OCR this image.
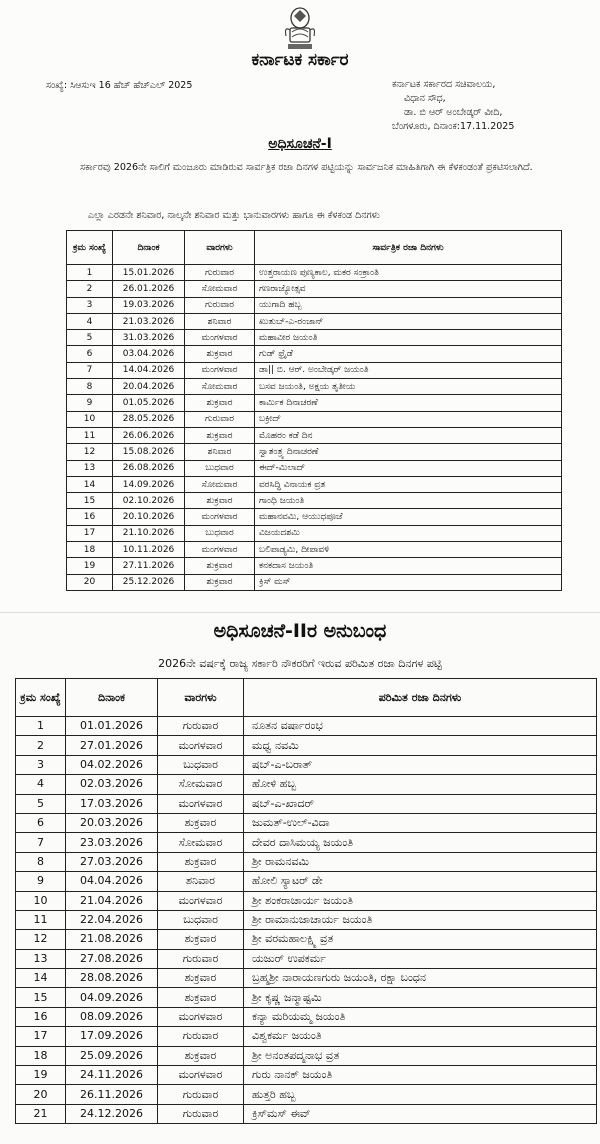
ಕರ್ನಾಟಕ ಸರ್ಕಾರ
ಸಂಖ್ಯೆ: ಸಿಆಸುಇ 16 ಹೆಚ್ ಹೆಚ್ಎಲ್ 2025	ಕರ್ನಾಟಕ ಸರ್ಕಾರದ ಸಚಿವಾಲಯ,
ವಿಧಾನ ಸೌಧ,
ಡಾ. ಬಿ ಆರ್ ಅಂಬೇಡ್ಕರ್ ವೀದಿ,
ಬೆಂಗಳೂರು, ದಿನಾಂಕ:17.11.2025
ಅಧಿಸೂಚನೆ-I
ಸರ್ಕಾರವು 2026ನೇ ಸಾಲಿಗೆ ಮಂಜೂರು ಮಾಡಿರುವ ಸಾರ್ವತ್ರಿಕ ರಜಾ ದಿನಗಳ ಪಟ್ಟಿಯನ್ನು ಸಾರ್ವಜನಿಕ ಮಾಹಿತಿಗಾಗಿ ಈ ಕೆಳಕಂಡಂತೆ ಪ್ರಕಟಿಸಲಾಗಿದೆ.
ಎಲ್ಲಾ ಎರಡನೇ ಶನಿವಾರ, ನಾಲ್ಕನೇ ಶನಿವಾರ ಮತ್ತು ಭಾನುವಾರಗಳು ಹಾಗೂ ಈ ಕೆಳಕಂಡ ದಿನಗಳು
ಕ್ರಮ ಸಂಖ್ಯೆ	ದಿನಾಂಕ	ವಾರಗಳು	ಸಾರ್ವತ್ರಿಕ ರಜಾ ದಿನಗಳು
1	15.01.2026	ಗುರುವಾರ	ಉತ್ತರಾಯಣ ಪುಣ್ಯಕಾಲ, ಮಕರ ಸಂಕ್ರಾಂತಿ
2	26.01.2026	ಸೋಮವಾರ	ಗಣರಾಜ್ಯೋತ್ಸವ
3	19.03.2026	ಗುರುವಾರ	ಯುಗಾದಿ ಹಬ್ಬ
4	21.03.2026	ಶನಿವಾರ	ಖುತುಬ್-ಎ-ರಂಜಾನ್
5	31.03.2026	ಮಂಗಳವಾರ	ಮಹಾವೀರ ಜಯಂತಿ
6	03.04.2026	ಶುಕ್ರವಾರ	ಗುಡ್ ಫ್ರೈಡೆ
7	14.04.2026	ಮಂಗಳವಾರ	ಡಾ|| ಬಿ. ಆರ್. ಅಂಬೇಡ್ಕರ್ ಜಯಂತಿ
8	20.04.2026	ಸೋಮವಾರ	ಬಸವ ಜಯಂತಿ, ಅಕ್ಷಯ ತೃತೀಯ
9	01.05.2026	ಶುಕ್ರವಾರ	ಕಾರ್ಮಿಕ ದಿನಾಚರಣೆ
10	28.05.2026	ಗುರುವಾರ	ಬಕ್ರೀದ್
11	26.06.2026	ಶುಕ್ರವಾರ	ಮೊಹರಂ ಕಡೆ ದಿನ
12	15.08.2026	ಶನಿವಾರ	ಸ್ವಾತಂತ್ರ್ಯ ದಿನಾಚರಣೆ
13	26.08.2026	ಬುಧವಾರ	ಈದ್-ಮಿಲಾದ್
14	14.09.2026	ಸೋಮವಾರ	ವರಸಿದ್ಧಿ ವಿನಾಯಕ ವ್ರತ
15	02.10.2026	ಶುಕ್ರವಾರ	ಗಾಂಧಿ ಜಯಂತಿ
16	20.10.2026	ಮಂಗಳವಾರ	ಮಹಾನವಮಿ, ಆಯುಧಪೂಜೆ
17	21.10.2026	ಬುಧವಾರ	ವಿಜಯದಶಮಿ
18	10.11.2026	ಮಂಗಳವಾರ	ಬಲಿಪಾಡ್ಯಮಿ, ದೀಪಾವಳಿ
19	27.11.2026	ಶುಕ್ರವಾರ	ಕನಕದಾಸ ಜಯಂತಿ
20	25.12.2026	ಶುಕ್ರವಾರ	ಕ್ರಿಸ್ ಮಸ್
ಅಧಿಸೂಚನೆ-IIರ ಅನುಬಂಧ
2026ನೇ ವರ್ಷಕ್ಕೆ ರಾಜ್ಯ ಸರ್ಕಾರಿ ನೌಕರರಿಗೆ ಇರುವ ಪರಿಮಿತ ರಜಾ ದಿನಗಳ ಪಟ್ಟಿ
ಕ್ರಮ ಸಂಖ್ಯೆ	ದಿನಾಂಕ	ವಾರಗಳು	ಪರಿಮಿತ ರಜಾ ದಿನಗಳು
1	01.01.2026	ಗುರುವಾರ	ನೂತನ ವರ್ಷಾರಂಭ
2	27.01.2026	ಮಂಗಳವಾರ	ಮಧ್ವ ನವಮಿ
3	04.02.2026	ಬುಧವಾರ	ಷಬ್-ಎ-ಬರಾತ್
4	02.03.2026	ಸೋಮವಾರ	ಹೋಳಿ ಹಬ್ಬ
5	17.03.2026	ಮಂಗಳವಾರ	ಷಬ್-ಎ-ಖಾದರ್
6	20.03.2026	ಶುಕ್ರವಾರ	ಜುಮತ್-ಉಲ್-ವಿದಾ
7	23.03.2026	ಸೋಮವಾರ	ದೇವರ ದಾಸಿಮಯ್ಯ ಜಯಂತಿ
8	27.03.2026	ಶುಕ್ರವಾರ	ಶ್ರೀ ರಾಮನವಮಿ
9	04.04.2026	ಶನಿವಾರ	ಹೋಲಿ ಸ್ಯಾಟರ್ ಡೇ
10	21.04.2026	ಮಂಗಳವಾರ	ಶ್ರೀ ಶಂಕರಾಚಾರ್ಯ ಜಯಂತಿ
11	22.04.2026	ಬುಧವಾರ	ಶ್ರೀ ರಾಮಾನುಜಾಚಾರ್ಯ ಜಯಂತಿ
12	21.08.2026	ಶುಕ್ರವಾರ	ಶ್ರೀ ವರಮಹಾಲಕ್ಷ್ಮಿ ವ್ರತ
13	27.08.2026	ಗುರುವಾರ	ಯಜುರ್ ಉಪಕರ್ಮ
14	28.08.2026	ಶುಕ್ರವಾರ	ಬ್ರಹ್ಮಶ್ರೀ ನಾರಾಯಣಗುರು ಜಯಂತಿ, ರಕ್ಷಾ ಬಂಧನ
15	04.09.2026	ಶುಕ್ರವಾರ	ಶ್ರೀ ಕೃಷ್ಣ ಜನ್ಮಾಷ್ಟಮಿ
16	08.09.2026	ಮಂಗಳವಾರ	ಕನ್ಯಾ ಮರಿಯಮ್ಮ ಜಯಂತಿ
17	17.09.2026	ಗುರುವಾರ	ವಿಶ್ವಕರ್ಮ ಜಯಂತಿ
18	25.09.2026	ಶುಕ್ರವಾರ	ಶ್ರೀ ಅನಂತಪದ್ಮನಾಭ ವ್ರತ
19	24.11.2026	ಮಂಗಳವಾರ	ಗುರು ನಾನಕ್ ಜಯಂತಿ
20	26.11.2026	ಗುರುವಾರ	ಹುತ್ತರಿ ಹಬ್ಬ
21	24.12.2026	ಗುರುವಾರ	ಕ್ರಿಸ್‌ಮಸ್ ಈವ್
